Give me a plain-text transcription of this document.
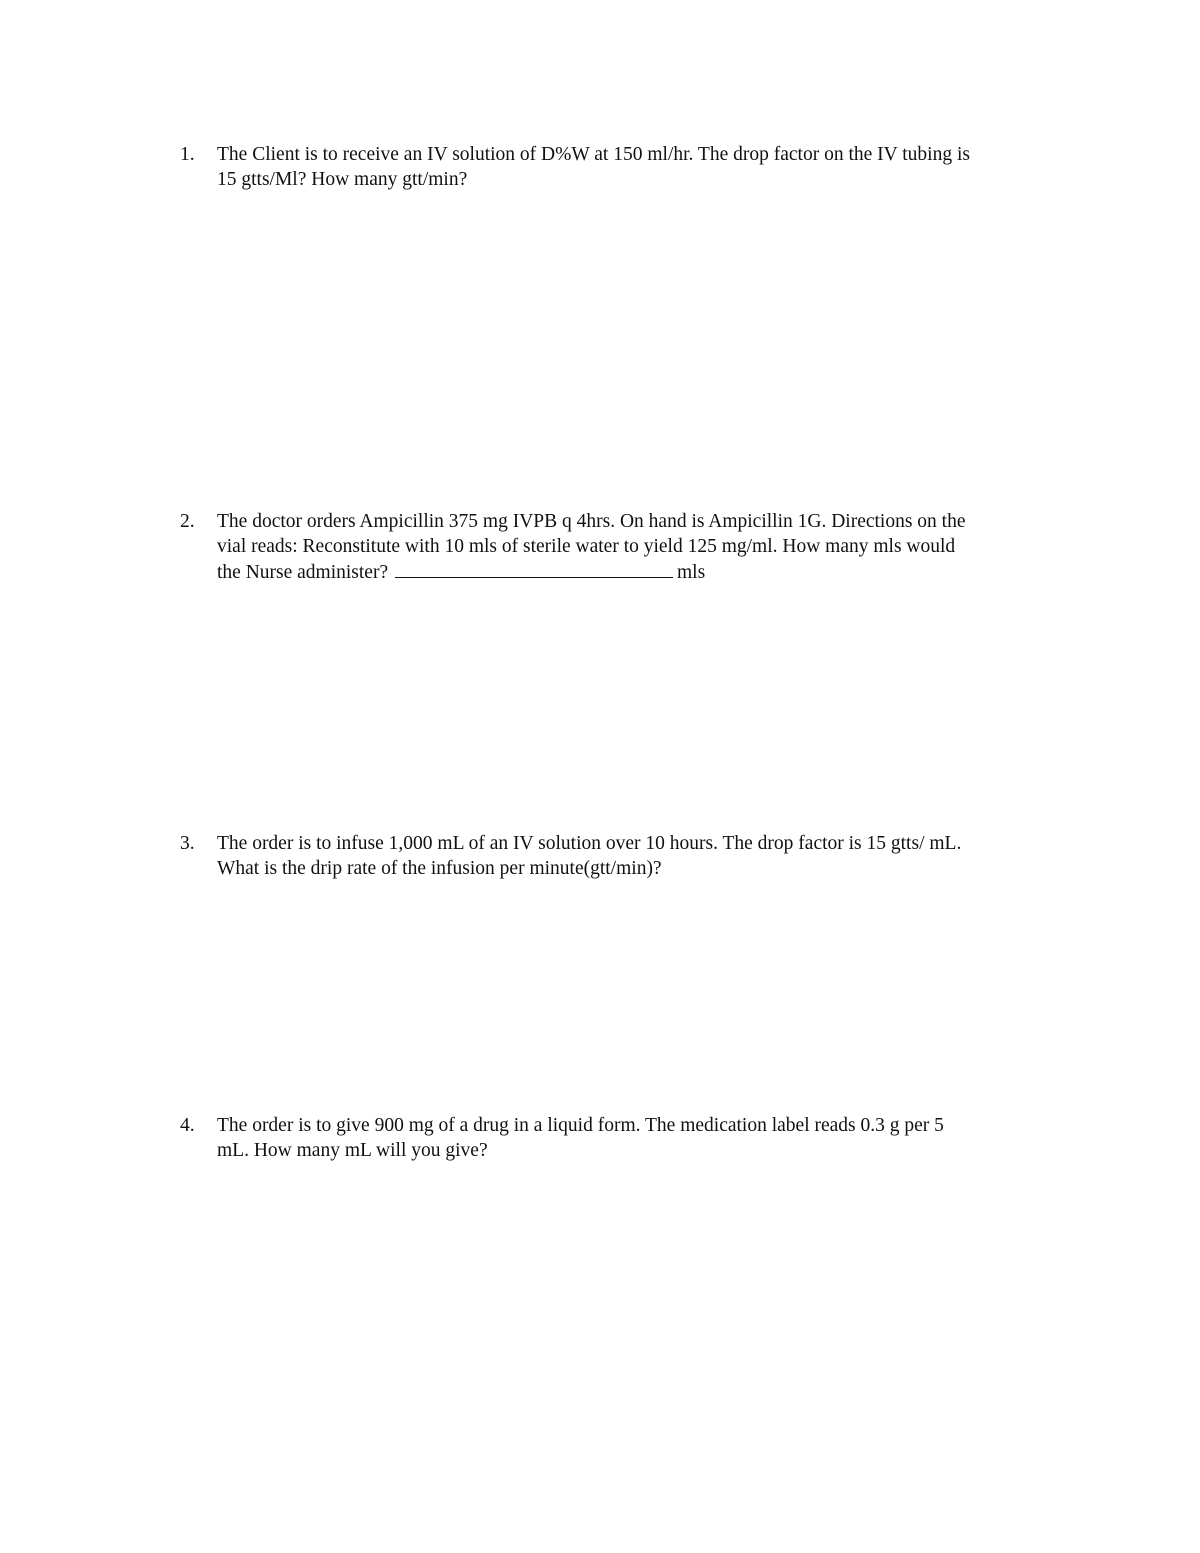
1.	The Client is to receive an IV solution of D%W at 150 ml/hr. The drop factor on the IV tubing is
15 gtts/Ml? How many gtt/min?
2.	The doctor orders Ampicillin 375 mg IVPB q 4hrs. On hand is Ampicillin 1G. Directions on the
vial reads: Reconstitute with 10 mls of sterile water to yield 125 mg/ml. How many mls would
the Nurse administer?	mls
3.	The order is to infuse 1,000 mL of an IV solution over 10 hours. The drop factor is 15 gtts/ mL.
What is the drip rate of the infusion per minute(gtt/min)?
4.	The order is to give 900 mg of a drug in a liquid form. The medication label reads 0.3 g per 5
mL. How many mL will you give?
